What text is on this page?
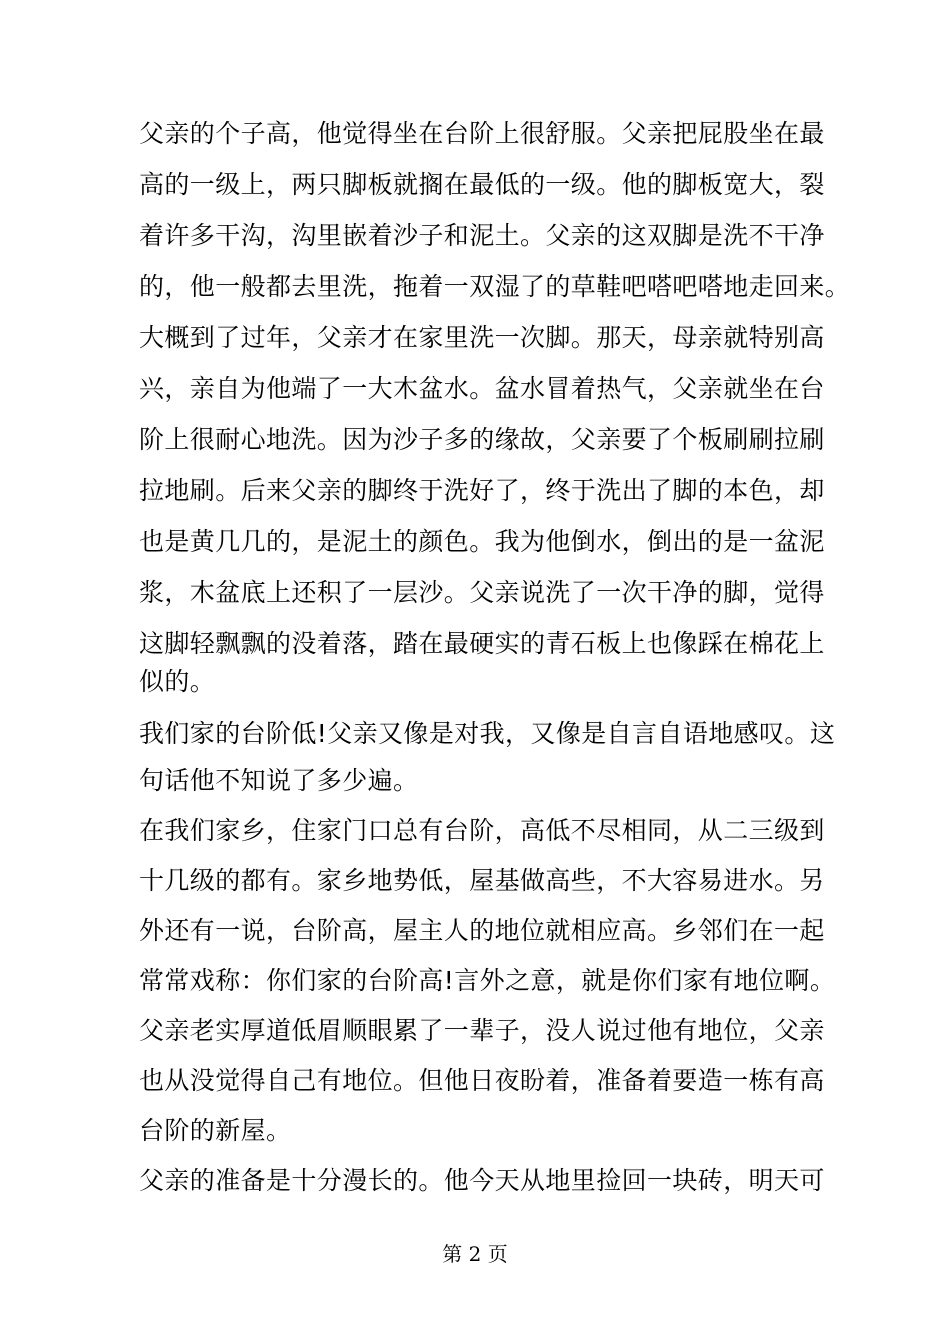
父亲的个子高，他觉得坐在台阶上很舒服。父亲把屁股坐在最

高的一级上，两只脚板就搁在最低的一级。他的脚板宽大，裂

着许多干沟，沟里嵌着沙子和泥土。父亲的这双脚是洗不干净

的，他一般都去里洗，拖着一双湿了的草鞋吧嗒吧嗒地走回来。

大概到了过年，父亲才在家里洗一次脚。那天，母亲就特别高

兴，亲自为他端了一大木盆水。盆水冒着热气，父亲就坐在台

阶上很耐心地洗。因为沙子多的缘故，父亲要了个板刷刷拉刷

拉地刷。后来父亲的脚终于洗好了，终于洗出了脚的本色，却

也是黄几几的，是泥土的颜色。我为他倒水，倒出的是一盆泥

浆，木盆底上还积了一层沙。父亲说洗了一次干净的脚，觉得

这脚轻飘飘的没着落，踏在最硬实的青石板上也像踩在棉花上

似的。

我们家的台阶低!父亲又像是对我，又像是自言自语地感叹。这

句话他不知说了多少遍。

在我们家乡，住家门口总有台阶，高低不尽相同，从二三级到

十几级的都有。家乡地势低，屋基做高些，不大容易进水。另

外还有一说，台阶高，屋主人的地位就相应高。乡邻们在一起

常常戏称：你们家的台阶高!言外之意，就是你们家有地位啊。

父亲老实厚道低眉顺眼累了一辈子，没人说过他有地位，父亲

也从没觉得自己有地位。但他日夜盼着，准备着要造一栋有高

台阶的新屋。

父亲的准备是十分漫长的。他今天从地里捡回一块砖，明天可

第 2 页
